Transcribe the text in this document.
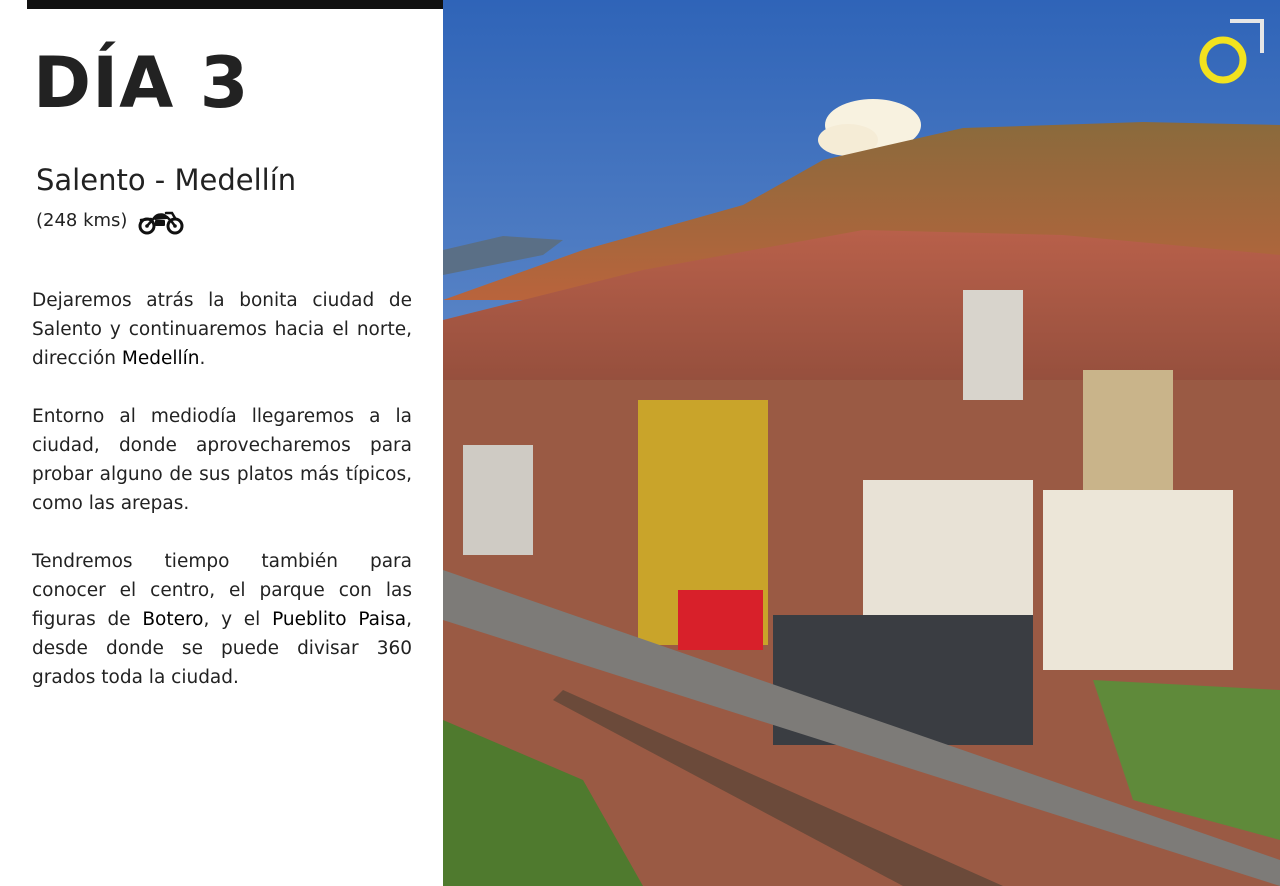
DÍA 3
Salento - Medellín
(248 kms)

Dejaremos atrás la bonita ciudad de Salento y continuaremos hacia el norte, dirección Medellín.

Entorno al mediodía llegaremos a la ciudad, donde aprovecharemos para probar alguno de sus platos más típicos, como las arepas.

Tendremos tiempo también para conocer el centro, el parque con las figuras de Botero, y el Pueblito Paisa, desde donde se puede divisar 360 grados toda la ciudad.
